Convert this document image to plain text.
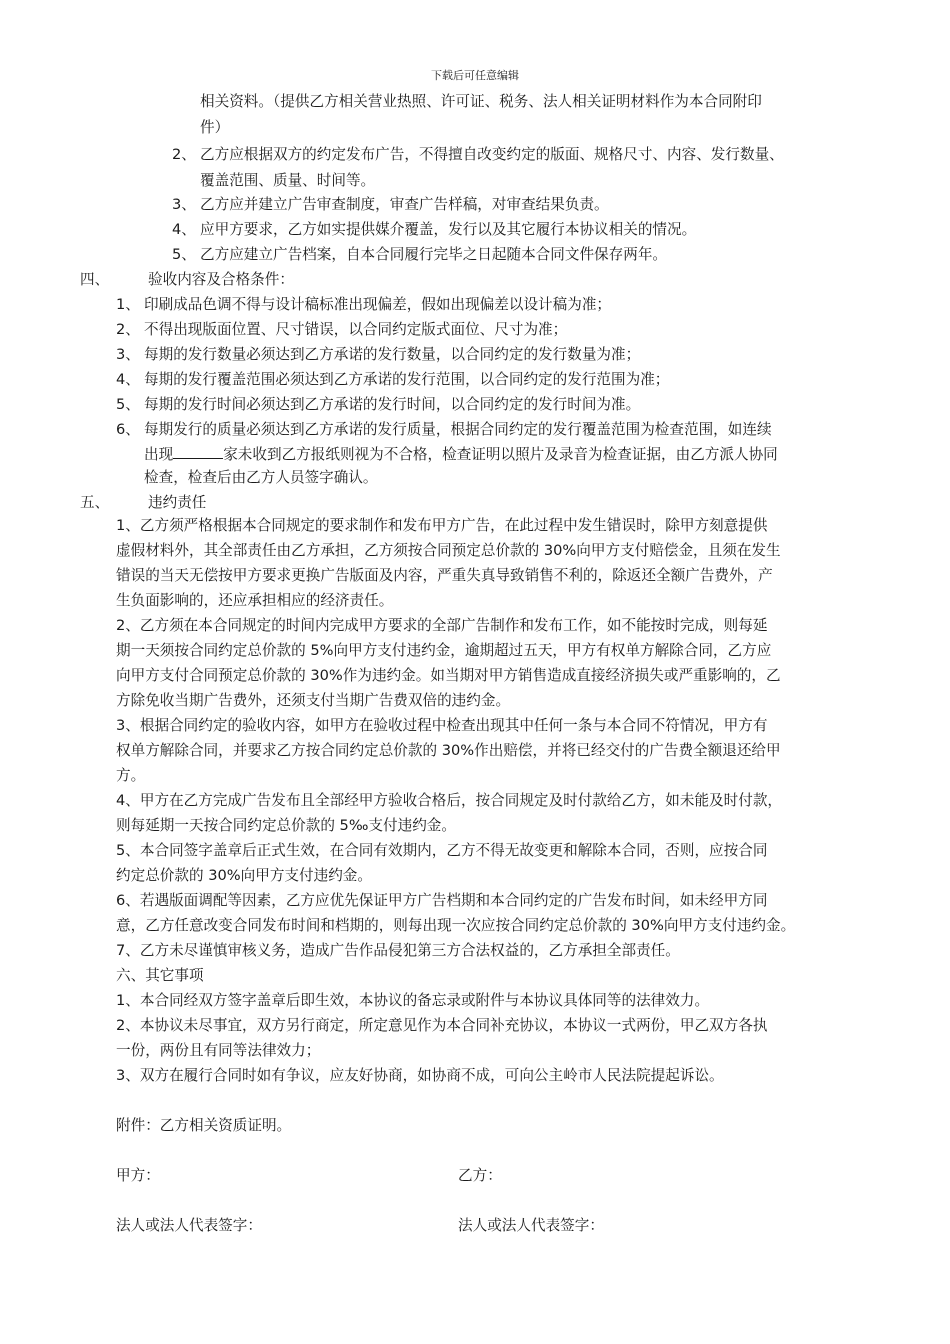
下载后可任意编辑
相关资料。（提供乙方相关营业热照、许可证、税务、法人相关证明材料作为本合同附印
件）
2、 乙方应根据双方的约定发布广告，不得擅自改变约定的版面、规格尺寸、内容、发行数量、
覆盖范围、质量、时间等。
3、 乙方应并建立广告审查制度，审查广告样稿，对审查结果负责。
4、 应甲方要求，乙方如实提供媒介覆盖，发行以及其它履行本协议相关的情况。
5、 乙方应建立广告档案，自本合同履行完毕之日起随本合同文件保存两年。
四、	验收内容及合格条件：
1、 印刷成品色调不得与设计稿标准出现偏差，假如出现偏差以设计稿为准；
2、 不得出现版面位置、尺寸错误，以合同约定版式面位、尺寸为准；
3、 每期的发行数量必须达到乙方承诺的发行数量，以合同约定的发行数量为准；
4、 每期的发行覆盖范围必须达到乙方承诺的发行范围，以合同约定的发行范围为准；
5、 每期的发行时间必须达到乙方承诺的发行时间，以合同约定的发行时间为准。
6、 每期发行的质量必须达到乙方承诺的发行质量，根据合同约定的发行覆盖范围为检查范围，如连续
出现	家未收到乙方报纸则视为不合格，检查证明以照片及录音为检查证据，由乙方派人协同
检查，检查后由乙方人员签字确认。
五、	违约责任
1、乙方须严格根据本合同规定的要求制作和发布甲方广告，在此过程中发生错误时，除甲方刻意提供
虚假材料外，其全部责任由乙方承担，乙方须按合同预定总价款的 30%向甲方支付赔偿金，且须在发生
错误的当天无偿按甲方要求更换广告版面及内容，严重失真导致销售不利的，除返还全额广告费外，产
生负面影响的，还应承担相应的经济责任。
2、乙方须在本合同规定的时间内完成甲方要求的全部广告制作和发布工作，如不能按时完成，则每延
期一天须按合同约定总价款的 5%向甲方支付违约金，逾期超过五天，甲方有权单方解除合同，乙方应
向甲方支付合同预定总价款的 30%作为违约金。如当期对甲方销售造成直接经济损失或严重影响的，乙
方除免收当期广告费外，还须支付当期广告费双倍的违约金。
3、根据合同约定的验收内容，如甲方在验收过程中检查出现其中任何一条与本合同不符情况，甲方有
权单方解除合同，并要求乙方按合同约定总价款的 30%作出赔偿，并将已经交付的广告费全额退还给甲
方。
4、甲方在乙方完成广告发布且全部经甲方验收合格后，按合同规定及时付款给乙方，如未能及时付款，
则每延期一天按合同约定总价款的 5‰支付违约金。
5、本合同签字盖章后正式生效，在合同有效期内，乙方不得无故变更和解除本合同，否则，应按合同
约定总价款的 30%向甲方支付违约金。
6、若遇版面调配等因素，乙方应优先保证甲方广告档期和本合同约定的广告发布时间，如未经甲方同
意，乙方任意改变合同发布时间和档期的，则每出现一次应按合同约定总价款的 30%向甲方支付违约金。
7、乙方未尽谨慎审核义务，造成广告作品侵犯第三方合法权益的，乙方承担全部责任。
六、其它事项
1、本合同经双方签字盖章后即生效，本协议的备忘录或附件与本协议具体同等的法律效力。
2、本协议未尽事宜，双方另行商定，所定意见作为本合同补充协议，本协议一式两份，甲乙双方各执
一份，两份且有同等法律效力；
3、双方在履行合同时如有争议，应友好协商，如协商不成，可向公主岭市人民法院提起诉讼。
附件：乙方相关资质证明。
甲方：	乙方：
法人或法人代表签字：	法人或法人代表签字：
